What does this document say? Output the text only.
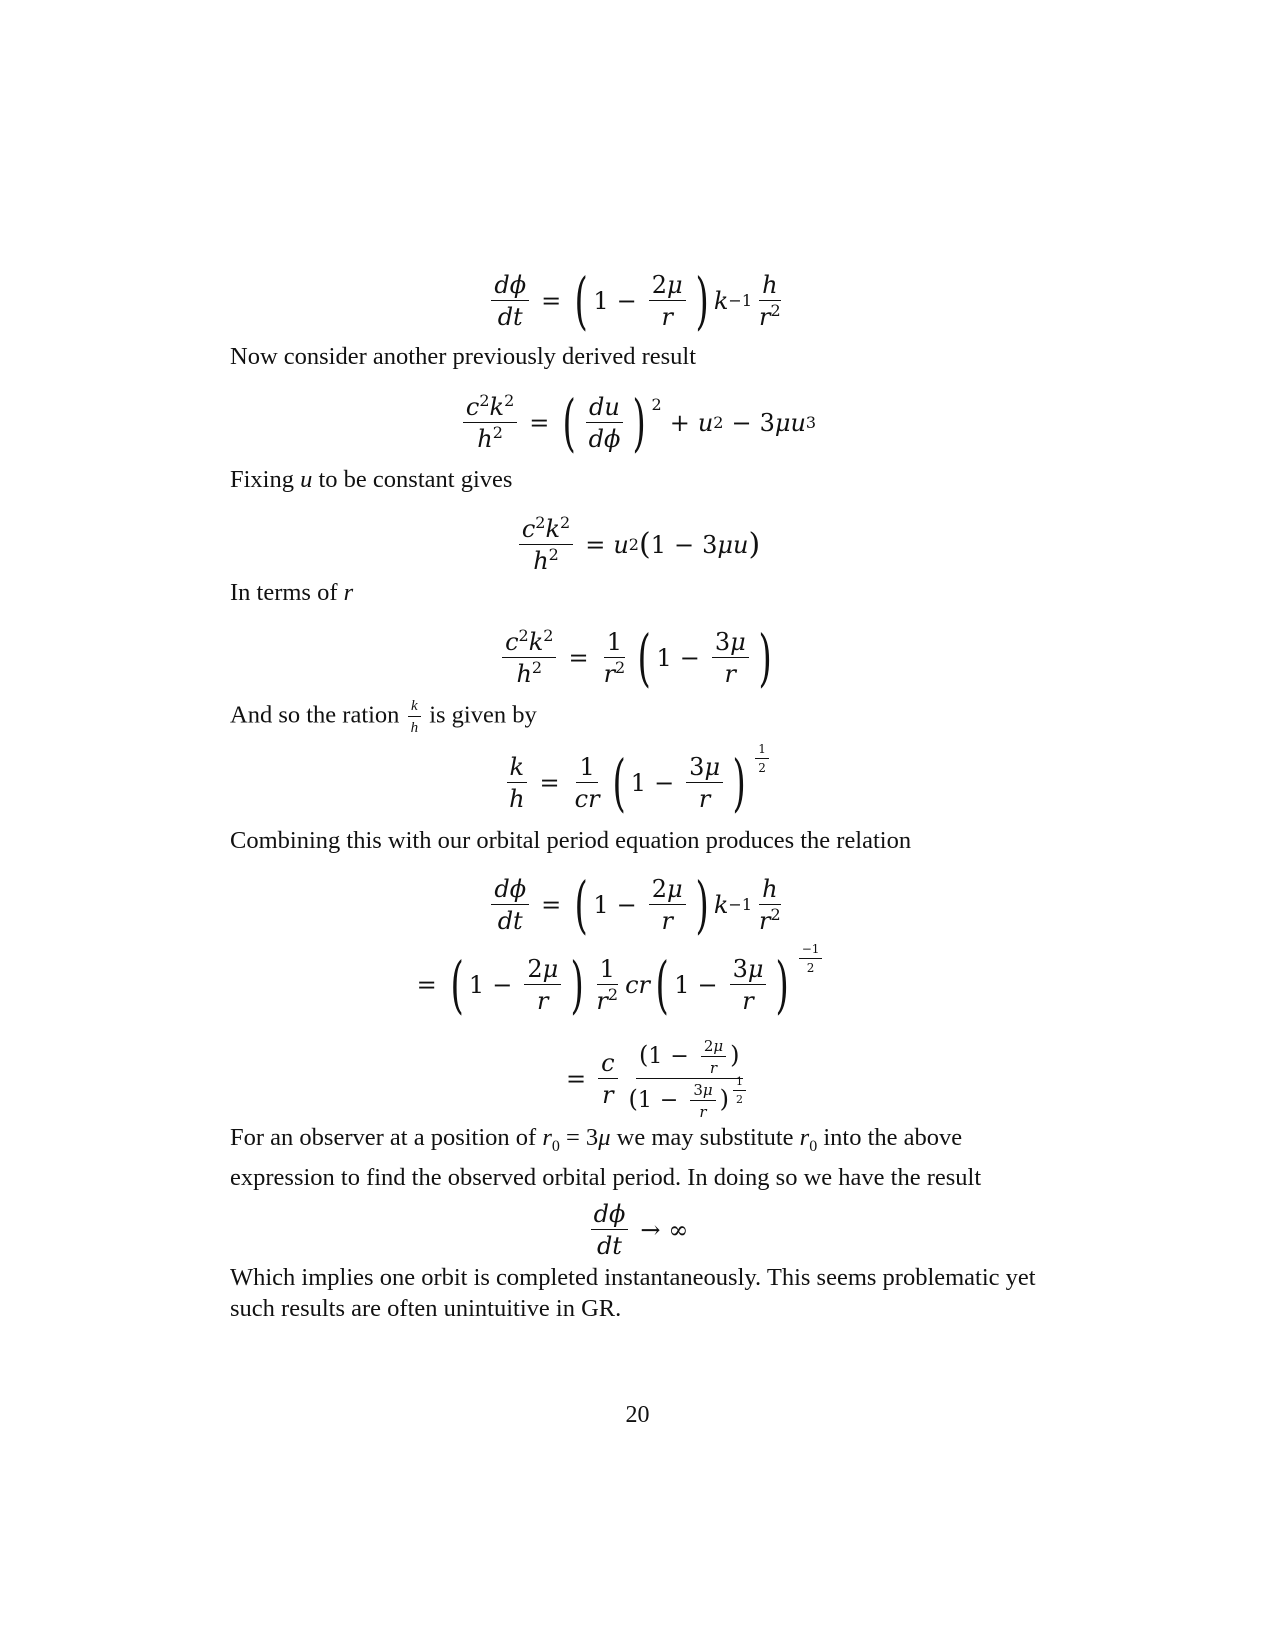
$\frac{d\phi}{dt}$ = ( $1 - \frac{2\mu}{r}$ ) $k -1 \frac{h}{r^2}$
Now consider another previously derived result
$\frac{c^2k^2}{h^2}$ = ( $\frac{du}{d\phi}$ ) $^2$
+ u 2 − 3 μu 3
Fixing u to be constant gives
$\frac{c^2k^2}{h^2} = u$ 2 ( 1 − 3 μu )
In terms of r
$\frac{c^2k^2}{h^2} = \frac{1}{r^2}$ ( $1 - \frac{3\mu}{r}$ )
And so the ration $\frac{k}{h}$ is given by
$\frac{k}{h} = \frac{1}{cr}$ ( $1 - \frac{3\mu}{r}$ ) $\frac{1}{2}$
Combining this with our orbital period equation produces the relation
$\frac{d\phi}{dt}$ = ( $1 - \frac{2\mu}{r}$ ) $k -1 \frac{h}{r^2}$
= ( $1 - \frac{2\mu}{r}$ ) $\frac{1}{r^2}$ cr ( $1 - \frac{3\mu}{r}$ ) $\frac{-1}{2}$
= $\frac{c}{r} \frac{(1 - \frac{2\mu}{r} )}{(1 - \frac{3\mu}{r} ) \frac{1}{2}}$
For an observer at a position of $r_0 = 3\mu$ we may substitute $r_0$ into the above expression to find the observed orbital period. In doing so we have the result
$\frac{d\phi}{dt}$ → ∞
Which implies one orbit is completed instantaneously. This seems problematic yet such results are often unintuitive in GR.
20
